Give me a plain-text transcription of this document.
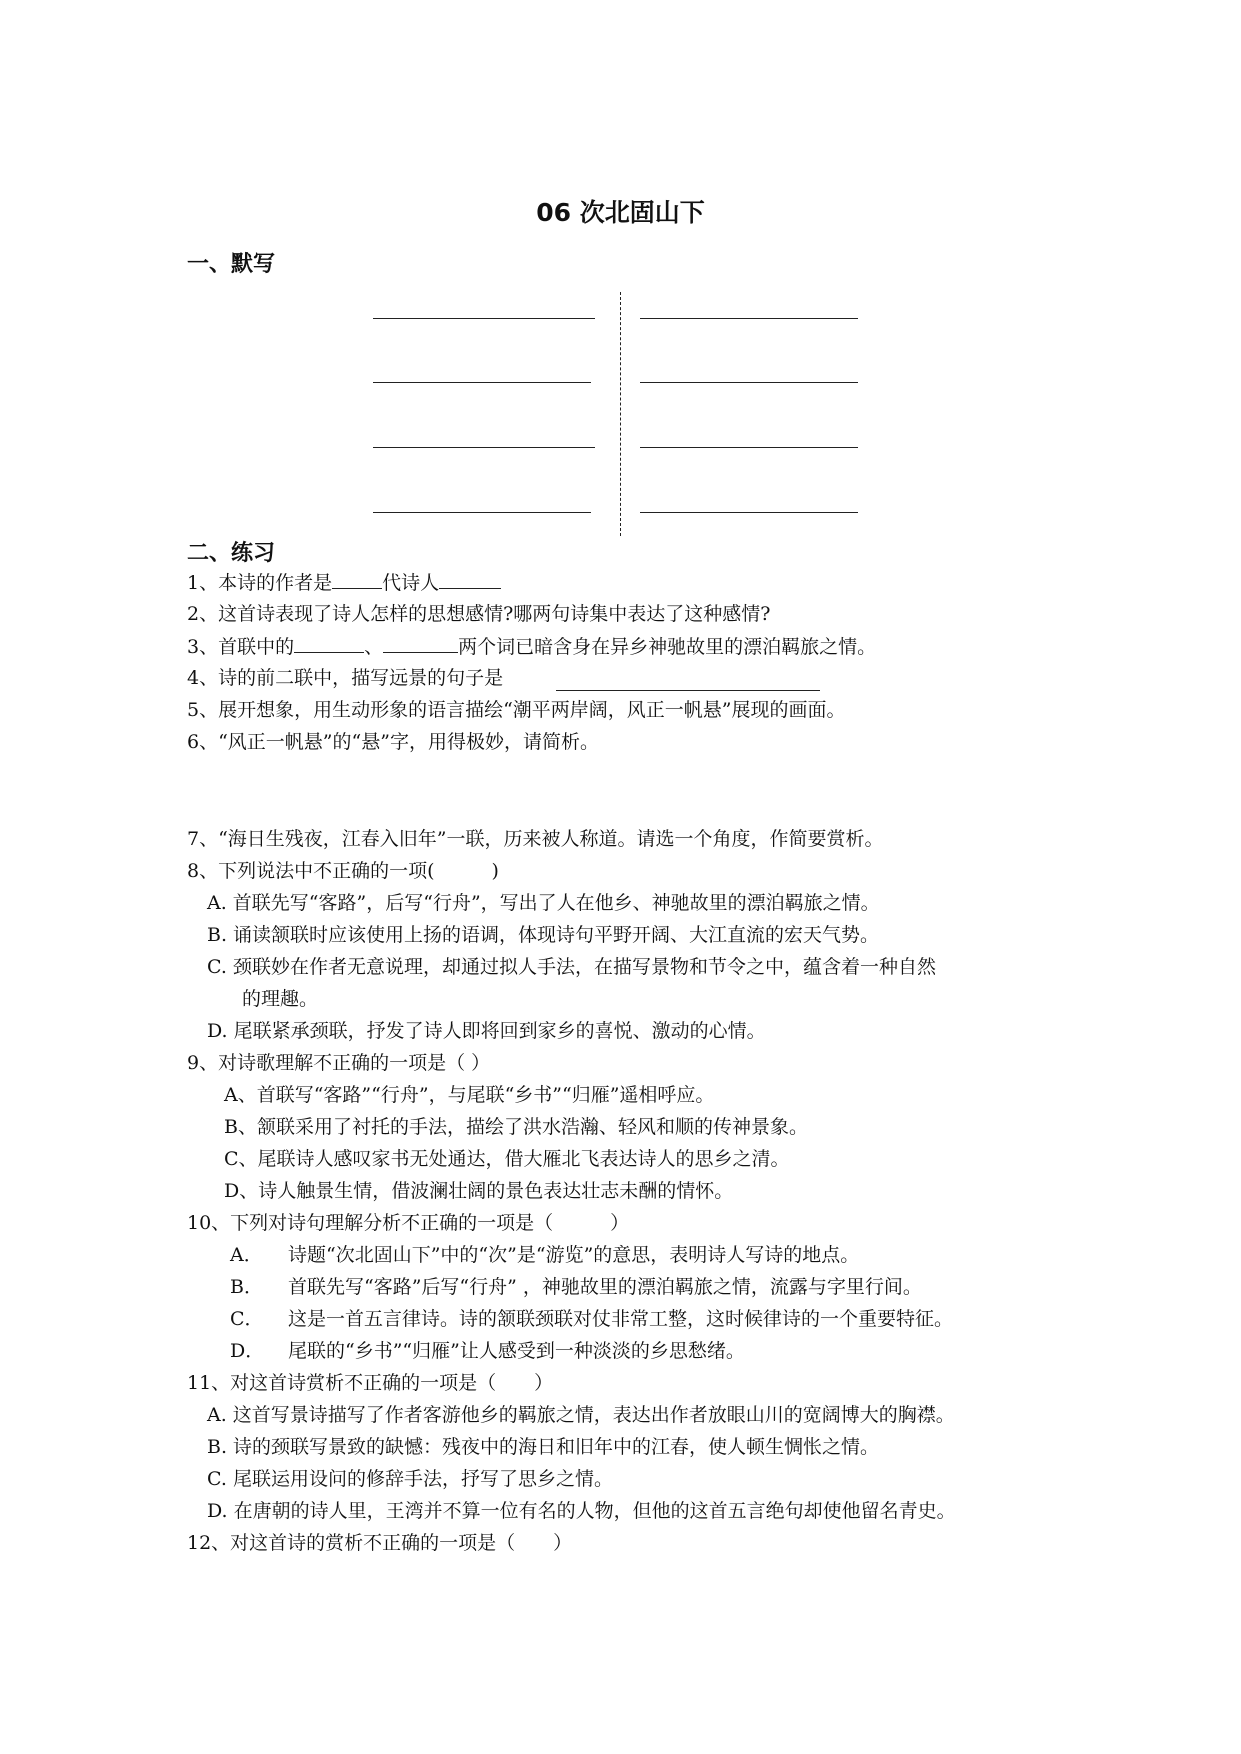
06 次北固山下
一、默写
二、练习
1、本诗的作者是	代诗人
2、这首诗表现了诗人怎样的思想感情?哪两句诗集中表达了这种感情?
3、首联中的	、	两个词已暗含身在异乡神驰故里的漂泊羁旅之情。
4、诗的前二联中，描写远景的句子是
5、展开想象，用生动形象的语言描绘“潮平两岸阔，风正一帆悬”展现的画面。
6、“风正一帆悬”的“悬”字，用得极妙，请简析。
7、“海日生残夜，江春入旧年”一联，历来被人称道。请选一个角度，作简要赏析。
8、下列说法中不正确的一项(　　　)
A. 首联先写“客路”，后写“行舟”，写出了人在他乡、神驰故里的漂泊羁旅之情。
B. 诵读颔联时应该使用上扬的语调，体现诗句平野开阔、大江直流的宏天气势。
C. 颈联妙在作者无意说理，却通过拟人手法，在描写景物和节令之中，蕴含着一种自然
的理趣。
D. 尾联紧承颈联，抒发了诗人即将回到家乡的喜悦、激动的心情。
9、对诗歌理解不正确的一项是（ ）
A、首联写“客路”“行舟”，与尾联“乡书”“归雁”遥相呼应。
B、颔联采用了衬托的手法，描绘了洪水浩瀚、轻风和顺的传神景象。
C、尾联诗人感叹家书无处通达，借大雁北飞表达诗人的思乡之清。
D、诗人触景生情，借波澜壮阔的景色表达壮志未酬的情怀。
10、下列对诗句理解分析不正确的一项是（　　　）
A． 诗题“次北固山下”中的“次”是“游览”的意思，表明诗人写诗的地点。
B． 首联先写“客路”后写“行舟” ，神驰故里的漂泊羁旅之情，流露与字里行间。
C． 这是一首五言律诗。诗的颔联颈联对仗非常工整，这时候律诗的一个重要特征。
D． 尾联的“乡书”“归雁”让人感受到一种淡淡的乡思愁绪。
11、对这首诗赏析不正确的一项是（　　）
A. 这首写景诗描写了作者客游他乡的羁旅之情，表达出作者放眼山川的宽阔博大的胸襟。
B. 诗的颈联写景致的缺憾：残夜中的海日和旧年中的江春，使人顿生惆怅之情。
C. 尾联运用设问的修辞手法，抒写了思乡之情。
D. 在唐朝的诗人里，王湾并不算一位有名的人物，但他的这首五言绝句却使他留名青史。
12、对这首诗的赏析不正确的一项是（　　）
